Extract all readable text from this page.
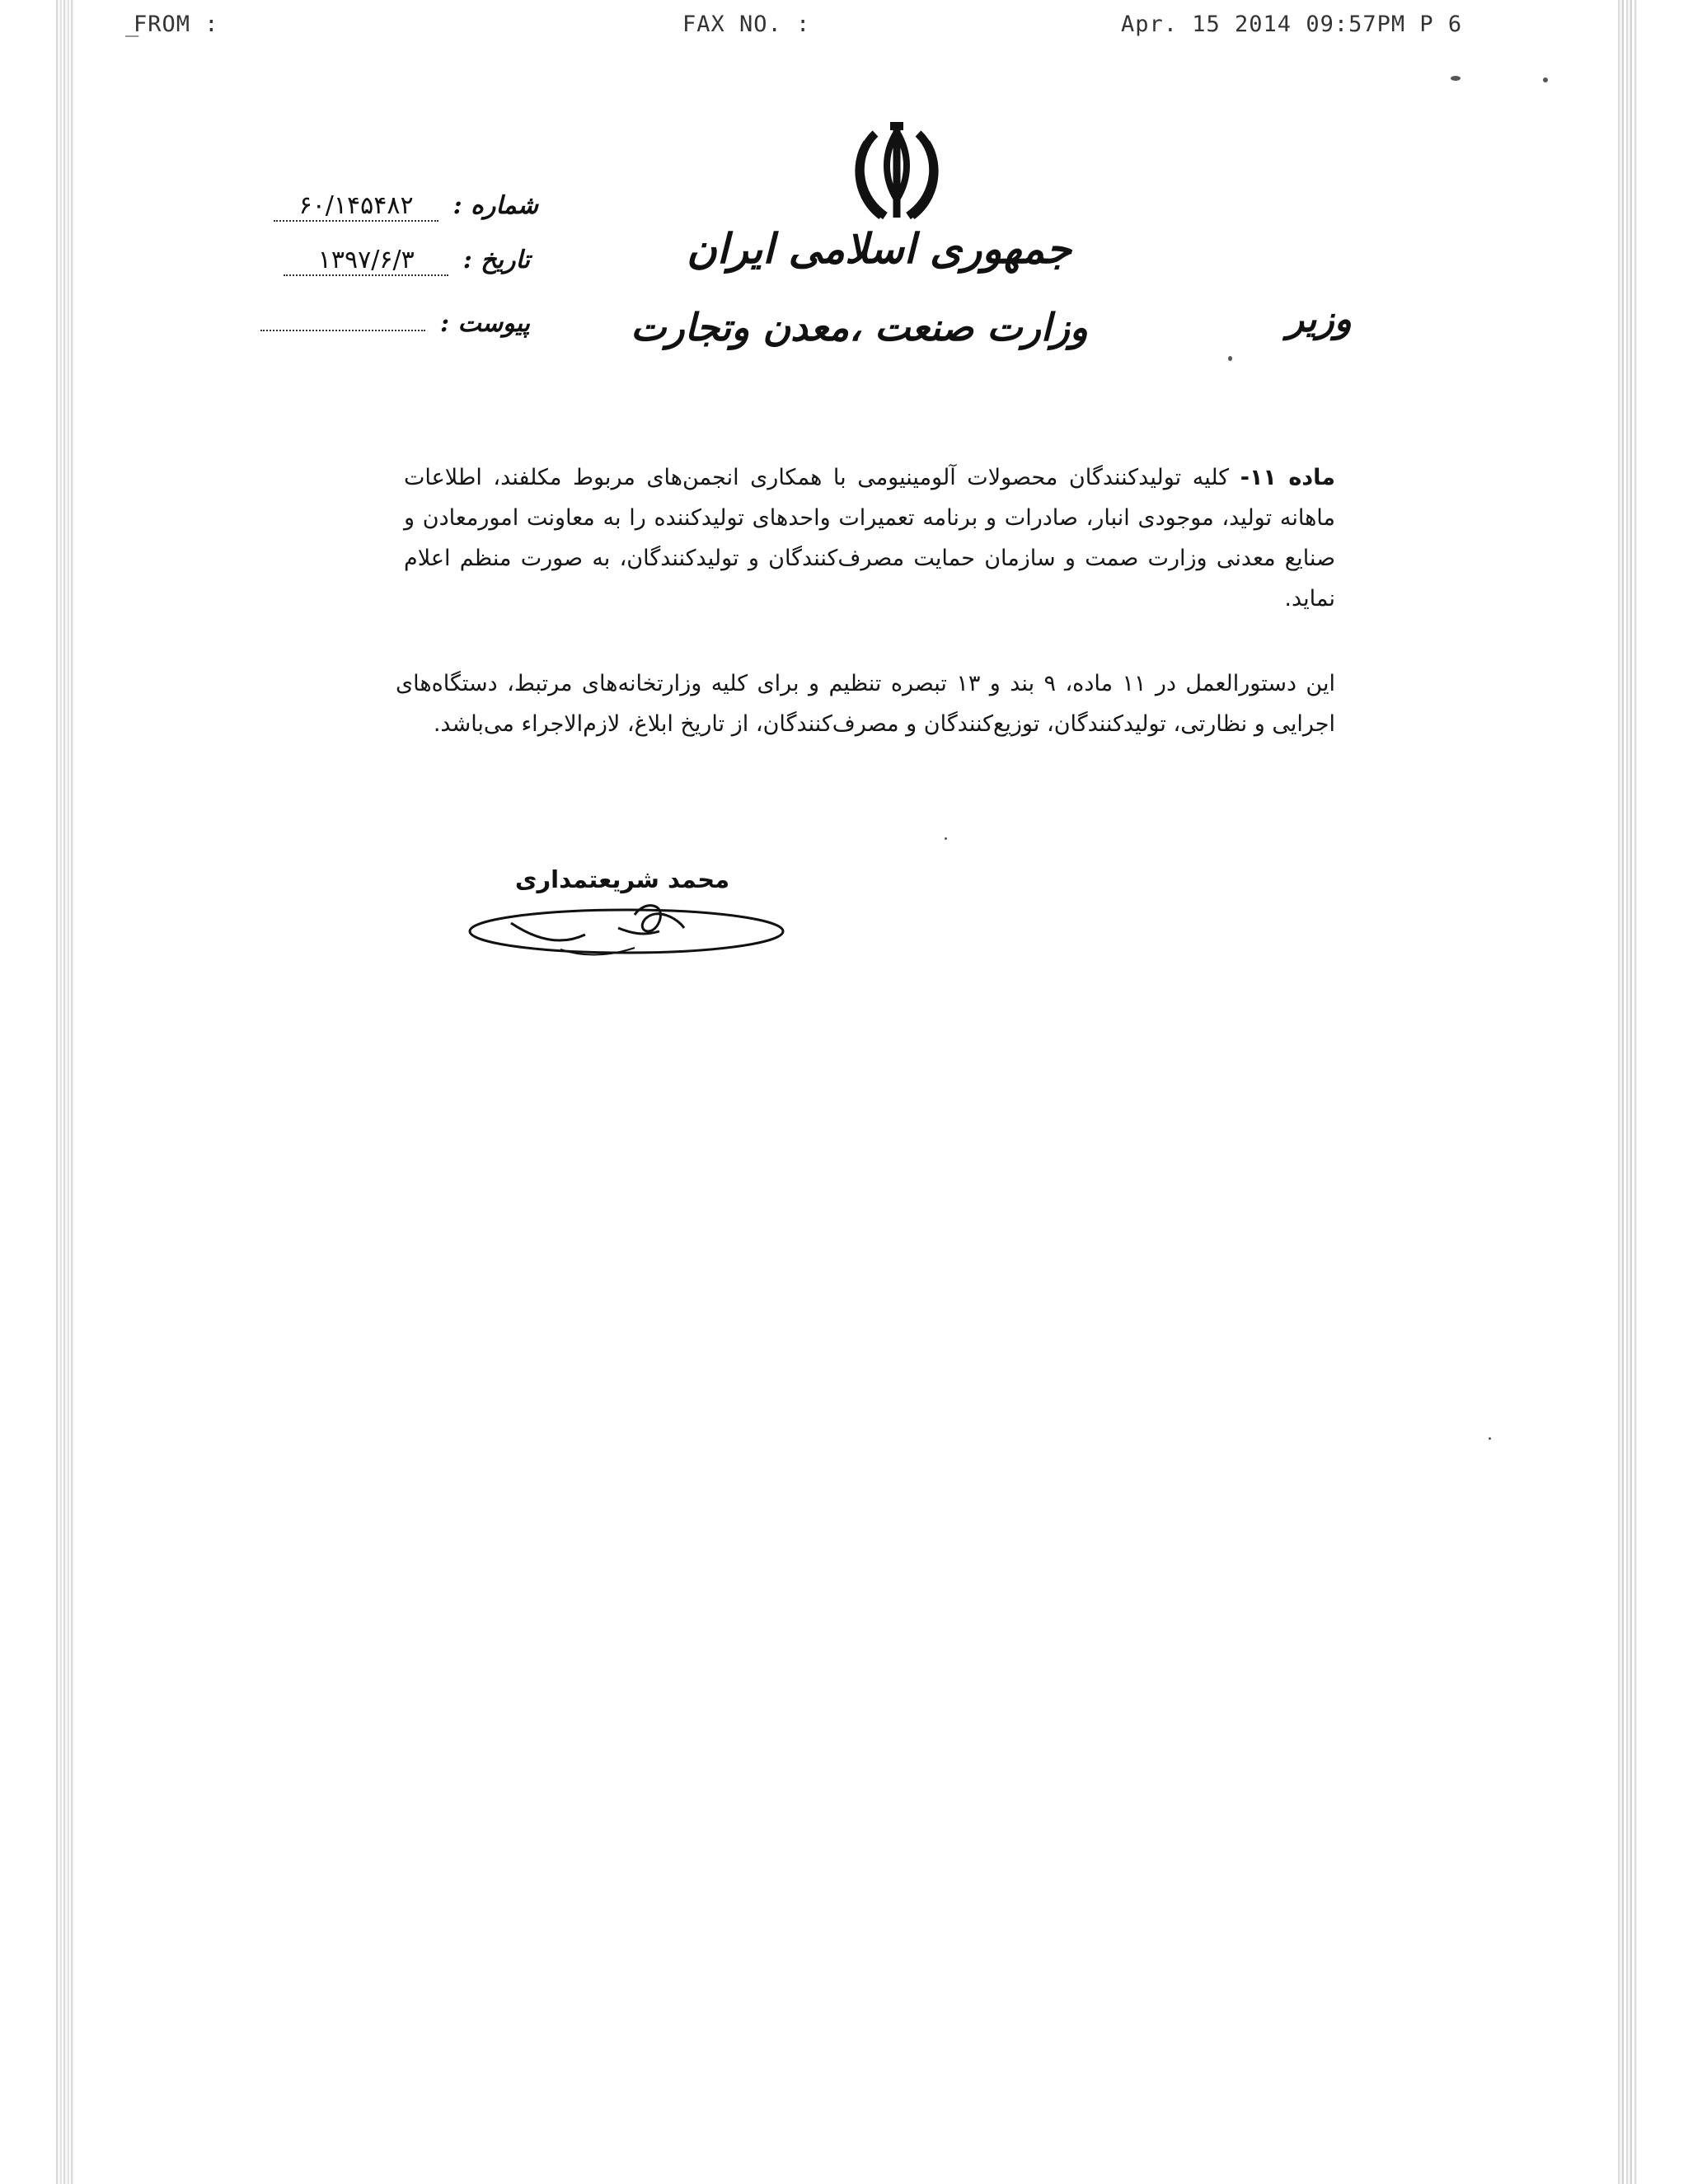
_ FROM :	FAX NO. :	Apr. 15 2014 09:57PM P 6
جمهوری اسلامی ایران
وزارت صنعت ،معدن وتجارت	وزیر
شماره : ۶۰/۱۴۵۴۸۲
تاریخ : ۱۳۹۷/۶/۳
پیوست :
ماده ۱۱- کلیه تولیدکنندگان محصولات آلومینیومی با همکاری انجمن‌های مربوط مکلفند، اطلاعات ماهانه تولید، موجودی انبار، صادرات و برنامه تعمیرات واحدهای تولیدکننده را به معاونت امورمعادن و صنایع معدنی وزارت صمت و سازمان حمایت مصرف‌کنندگان و تولیدکنندگان، به صورت منظم اعلام نماید.
این دستورالعمل در ۱۱ ماده، ۹ بند و ۱۳ تبصره تنظیم و برای کلیه وزارتخانه‌های مرتبط، دستگاه‌های اجرایی و نظارتی، تولیدکنندگان، توزیع‌کنندگان و مصرف‌کنندگان، از تاریخ ابلاغ، لازم‌الاجراء می‌باشد.
محمد شریعتمداری
